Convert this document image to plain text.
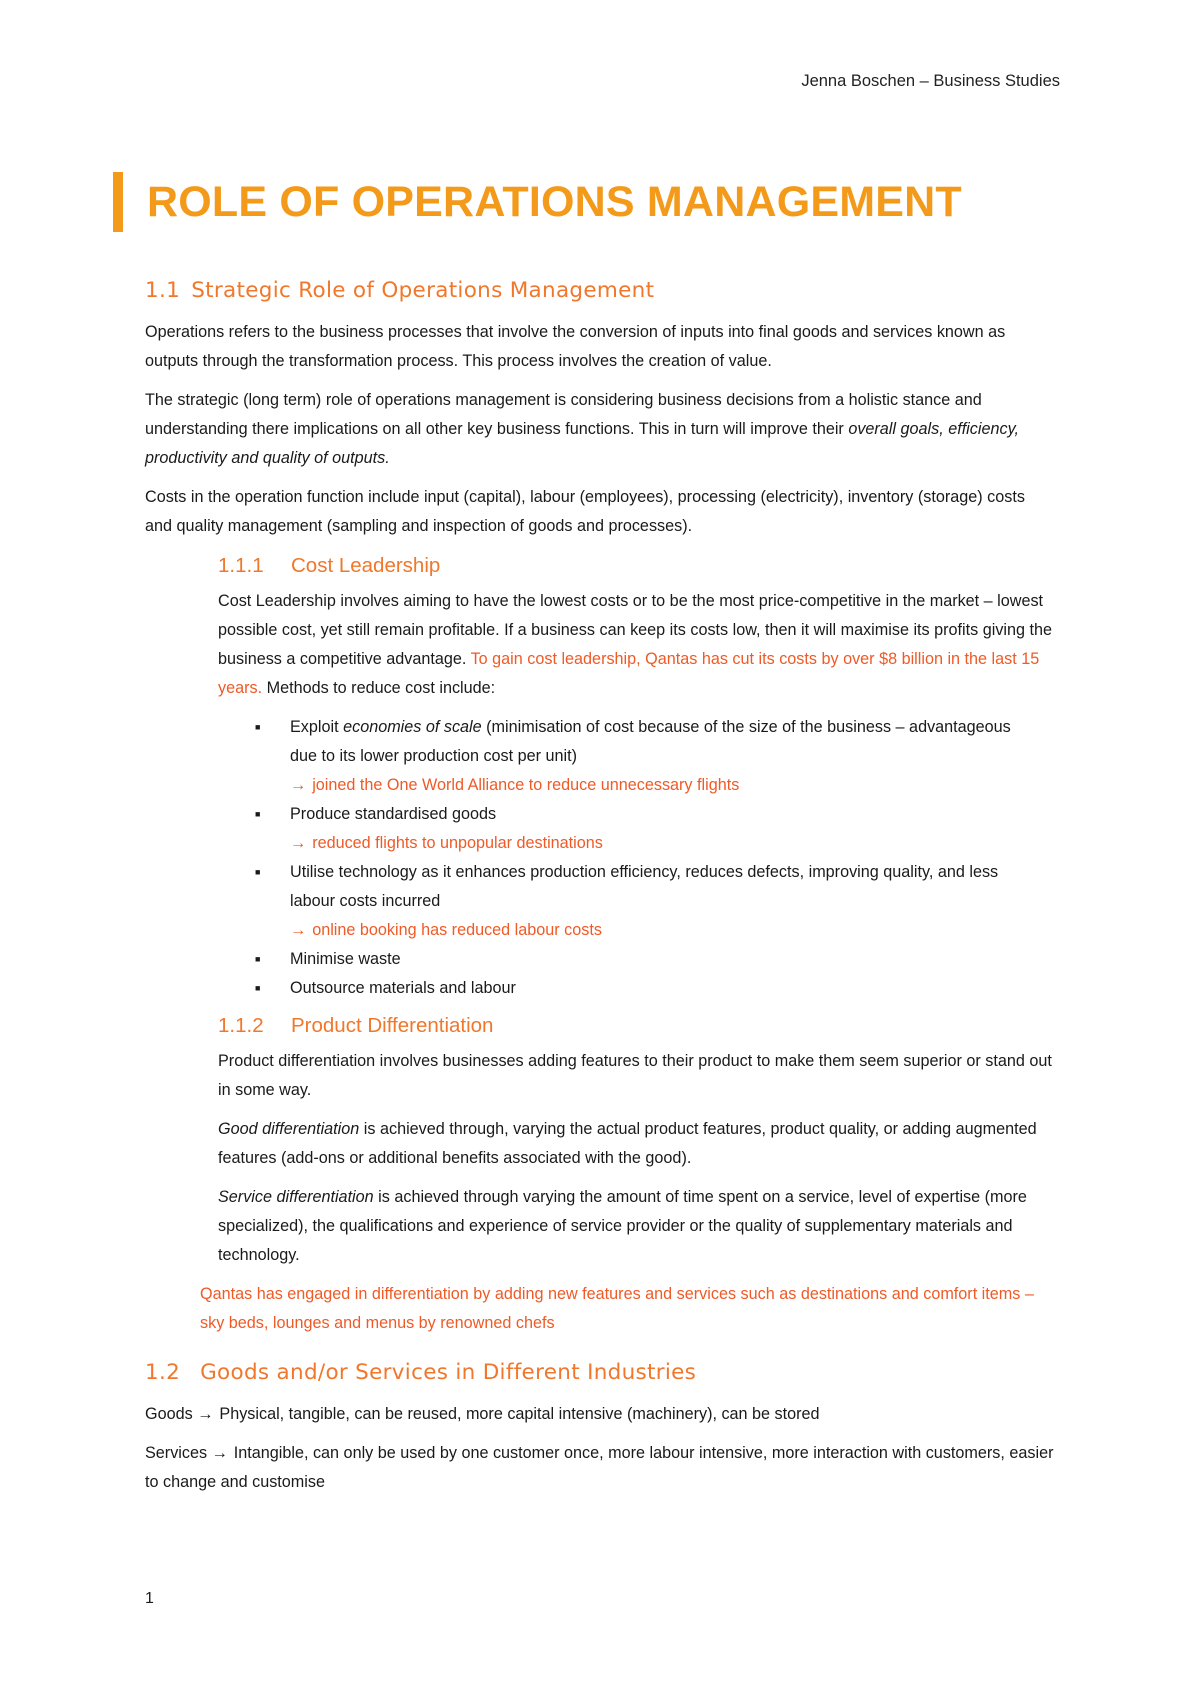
Jenna Boschen – Business Studies
ROLE OF OPERATIONS MANAGEMENT
1.1 Strategic Role of Operations Management

Operations refers to the business processes that involve the conversion of inputs into final goods and services known as outputs through the transformation process. This process involves the creation of value.

The strategic (long term) role of operations management is considering business decisions from a holistic stance and understanding there implications on all other key business functions. This in turn will improve their overall goals, efficiency, productivity and quality of outputs.

Costs in the operation function include input (capital), labour (employees), processing (electricity), inventory (storage) costs and quality management (sampling and inspection of goods and processes).

1.1.1 Cost Leadership

Cost Leadership involves aiming to have the lowest costs or to be the most price-competitive in the market – lowest possible cost, yet still remain profitable. If a business can keep its costs low, then it will maximise its profits giving the business a competitive advantage. To gain cost leadership, Qantas has cut its costs by over $8 billion in the last 15 years. Methods to reduce cost include:

■ Exploit economies of scale (minimisation of cost because of the size of the business – advantageous due to its lower production cost per unit)
→ joined the One World Alliance to reduce unnecessary flights
■ Produce standardised goods
→ reduced flights to unpopular destinations
■ Utilise technology as it enhances production efficiency, reduces defects, improving quality, and less labour costs incurred
→ online booking has reduced labour costs
■ Minimise waste
■ Outsource materials and labour
1.1.2 Product Differentiation

Product differentiation involves businesses adding features to their product to make them seem superior or stand out in some way.

Good differentiation is achieved through, varying the actual product features, product quality, or adding augmented features (add-ons or additional benefits associated with the good).

Service differentiation is achieved through varying the amount of time spent on a service, level of expertise (more specialized), the qualifications and experience of service provider or the quality of supplementary materials and technology.

Qantas has engaged in differentiation by adding new features and services such as destinations and comfort items – sky beds, lounges and menus by renowned chefs

1.2 Goods and/or Services in Different Industries

Goods → Physical, tangible, can be reused, more capital intensive (machinery), can be stored

Services → Intangible, can only be used by one customer once, more labour intensive, more interaction with customers, easier to change and customise

1
